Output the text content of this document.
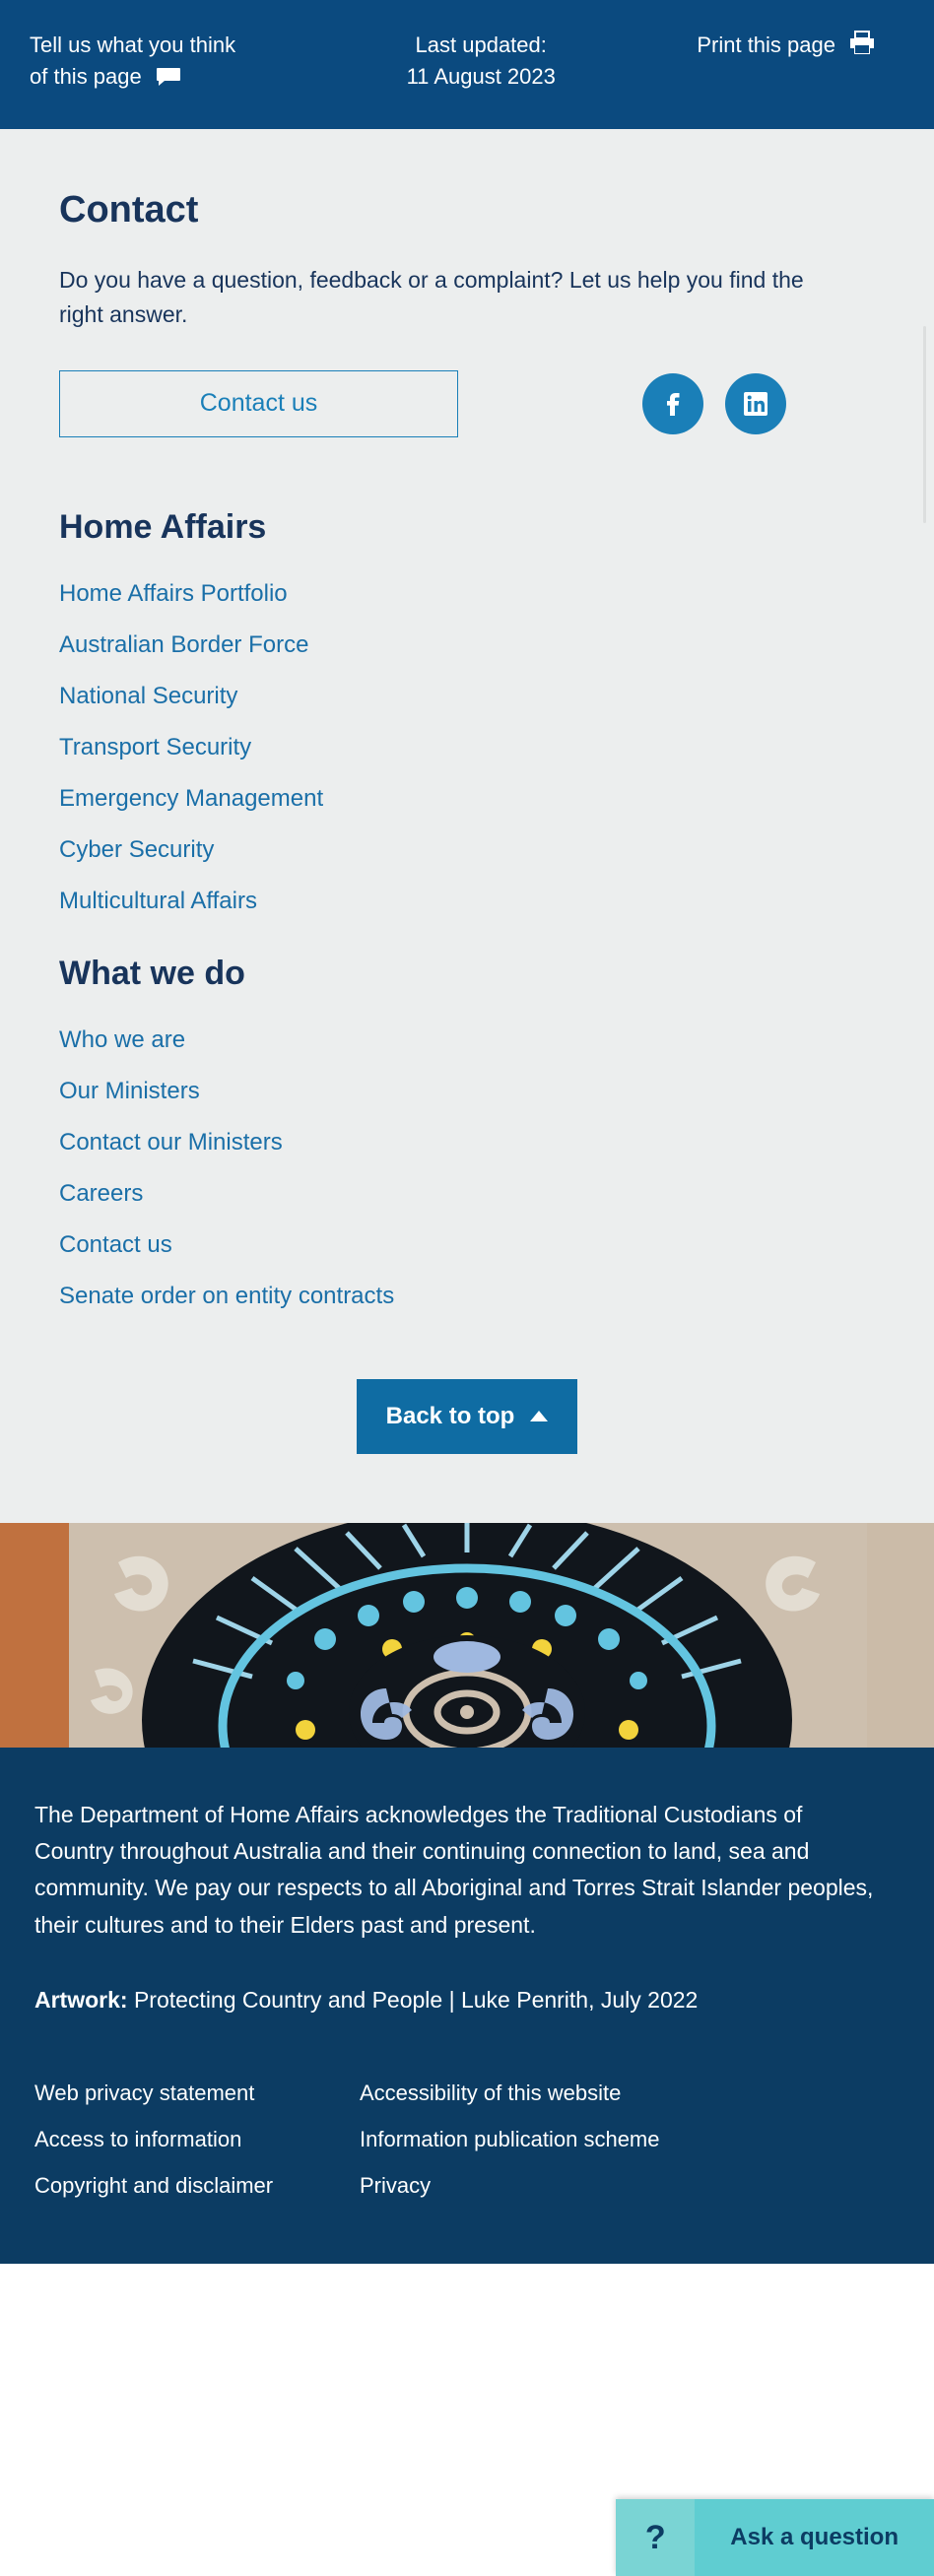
Tell us what you think
of this page
Last updated:
11 August 2023
Print this page
Contact

Do you have a question, feedback or a complaint? Let us help you find the right answer.

Contact us
Home Affairs
Home Affairs Portfolio
Australian Border Force
National Security
Transport Security
Emergency Management
Cyber Security
Multicultural Affairs
What we do
Who we are
Our Ministers
Contact our Ministers
Careers
Contact us
Senate order on entity contracts
Back to top

The Department of Home Affairs acknowledges the Traditional Custodians of Country throughout Australia and their continuing connection to land, sea and community. We pay our respects to all Aboriginal and Torres Strait Islander peoples, their cultures and to their Elders past and present.

Artwork: Protecting Country and People | Luke Penrith, July 2022

Web privacy statement	Accessibility of this website
Access to information	Information publication scheme
Copyright and disclaimer	Privacy
?	Ask a question
